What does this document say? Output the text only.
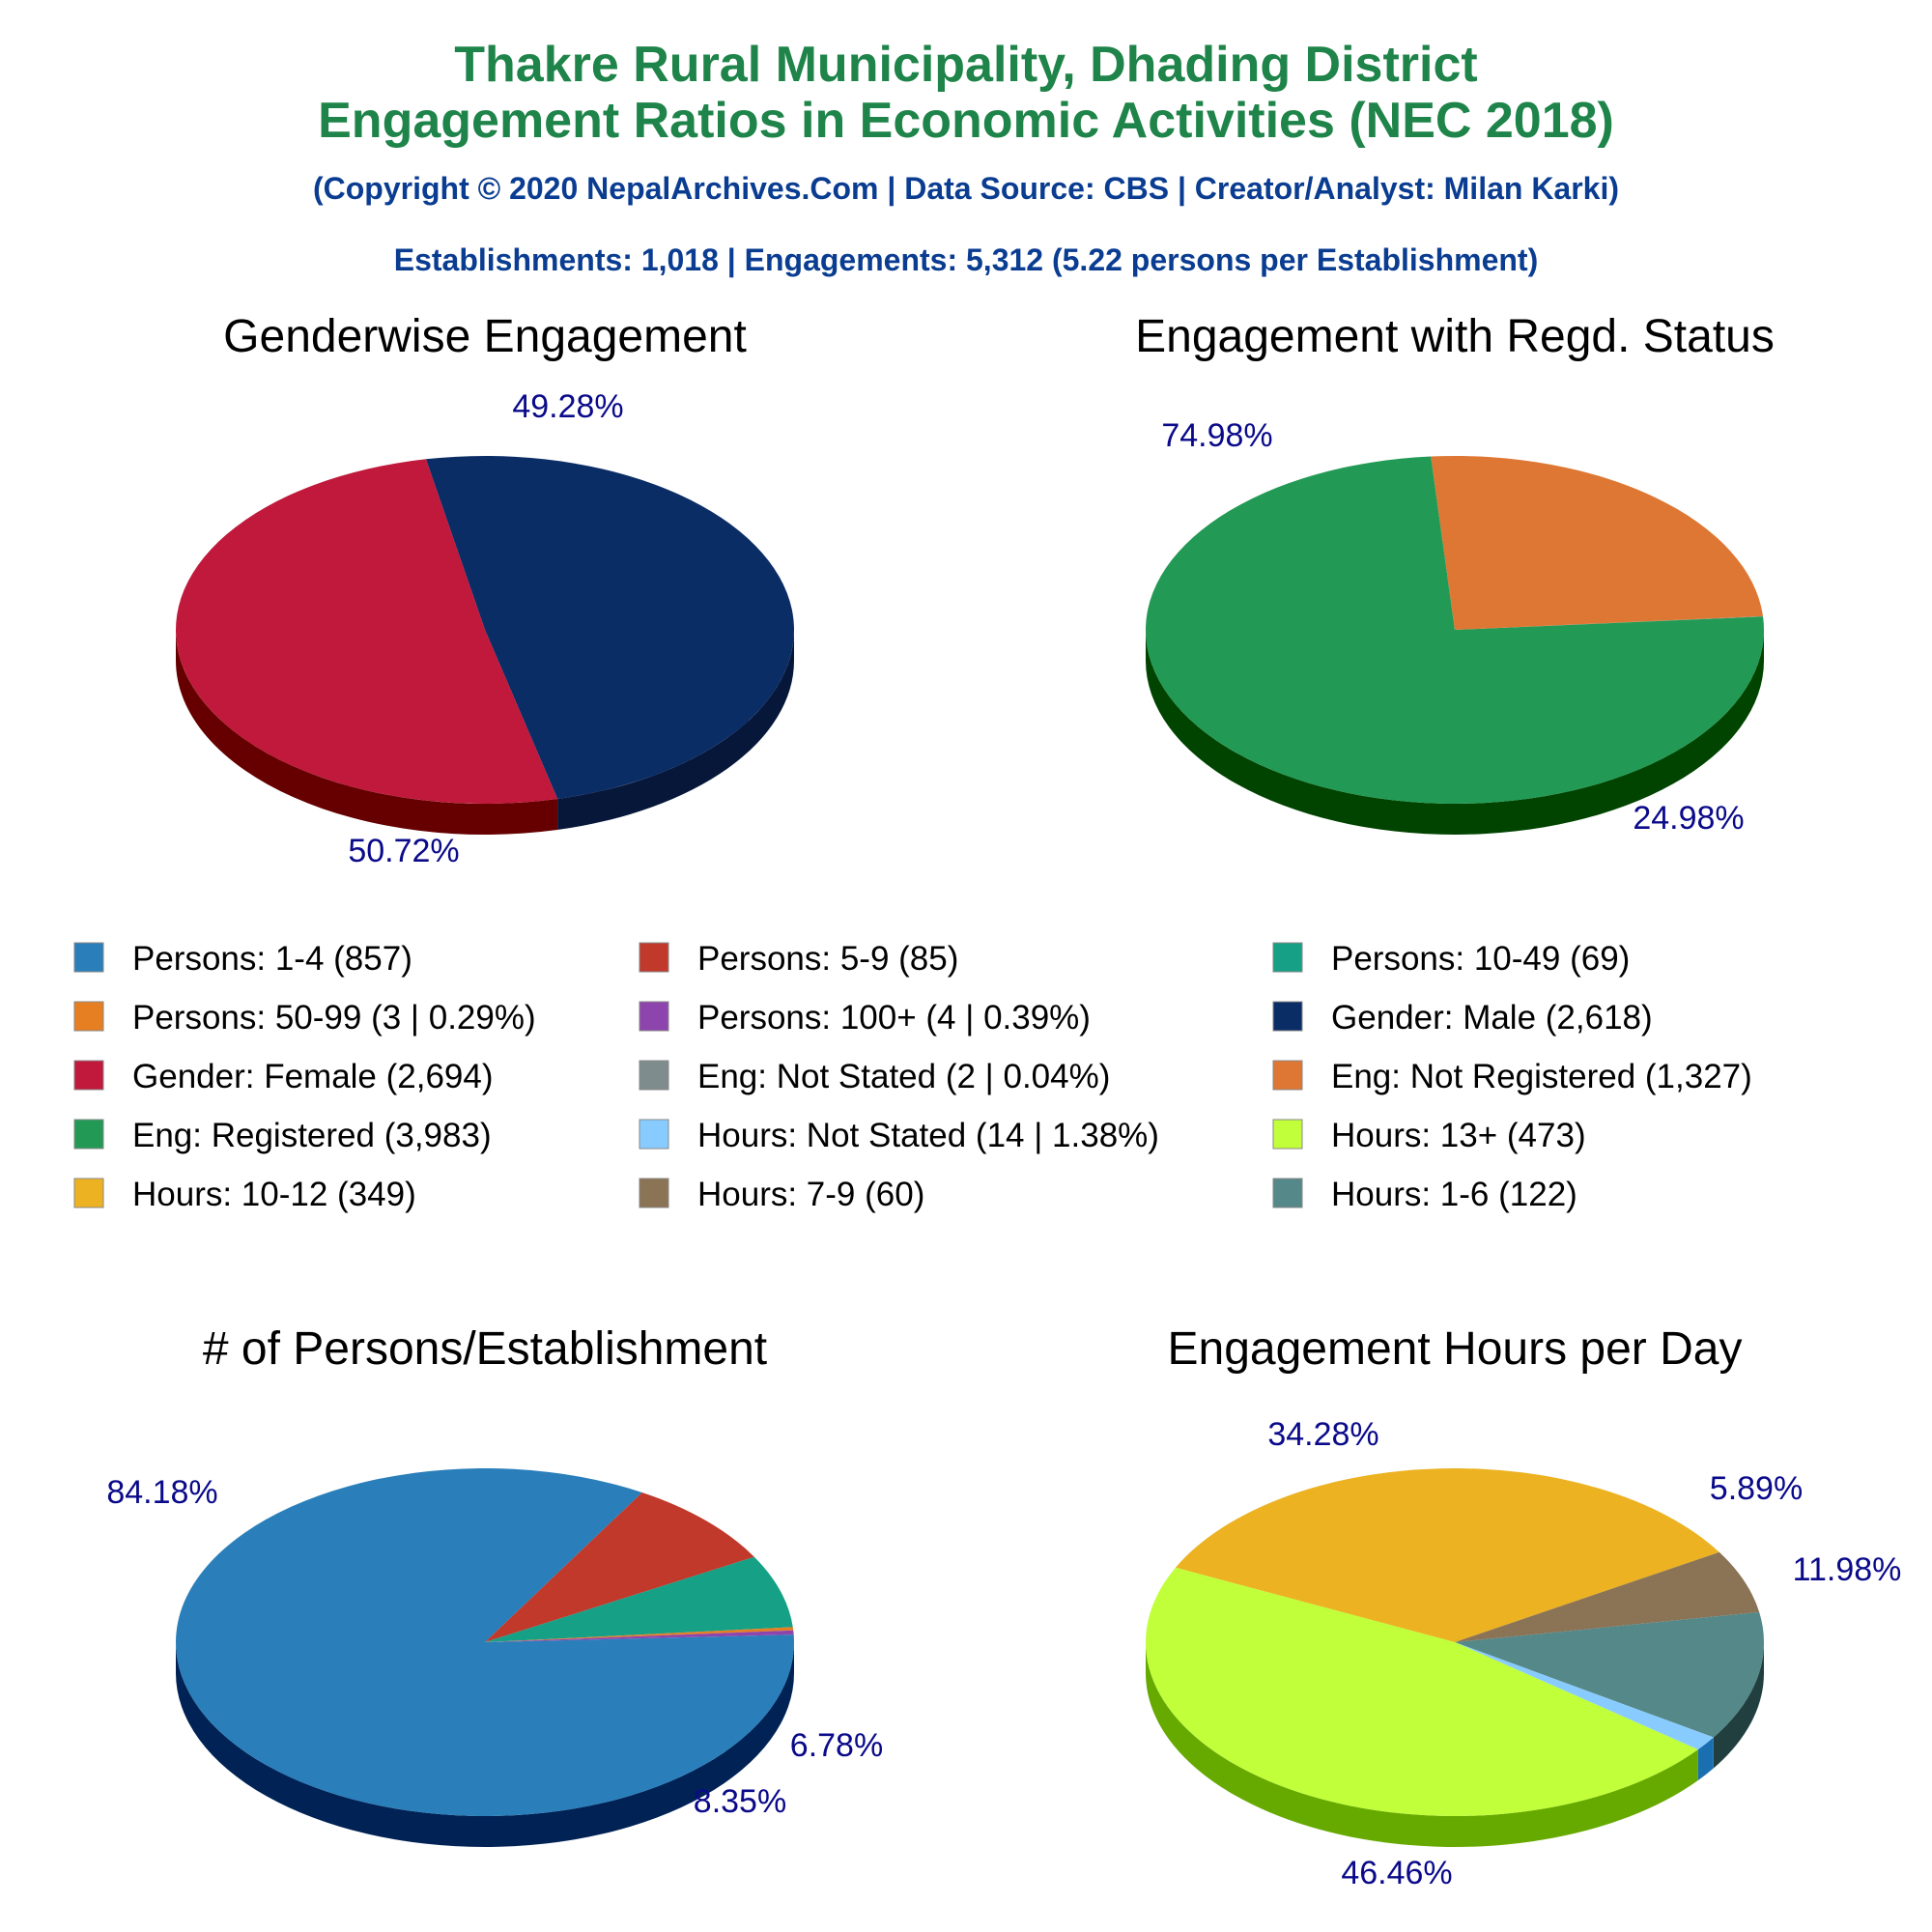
Thakre Rural Municipality, Dhading District
Engagement Ratios in Economic Activities (NEC 2018)
(Copyright © 2020 NepalArchives.Com | Data Source: CBS | Creator/Analyst: Milan Karki)
Establishments: 1,018 | Engagements: 5,312 (5.22 persons per Establishment)
Genderwise Engagement
49.28%
50.72%
Engagement with Regd. Status
74.98%
24.98%
# of Persons/Establishment
84.18%
8.35%
6.78%
Engagement Hours per Day
34.28%
5.89%
11.98%
46.46%
Persons: 1-4 (857)	Persons: 5-9 (85)	Persons: 10-49 (69)
Persons: 50-99 (3 | 0.29%)	Persons: 100+ (4 | 0.39%)	Gender: Male (2,618)
Gender: Female (2,694)	Eng: Not Stated (2 | 0.04%)	Eng: Not Registered (1,327)
Eng: Registered (3,983)	Hours: Not Stated (14 | 1.38%)	Hours: 13+ (473)
Hours: 10-12 (349)	Hours: 7-9 (60)	Hours: 1-6 (122)
